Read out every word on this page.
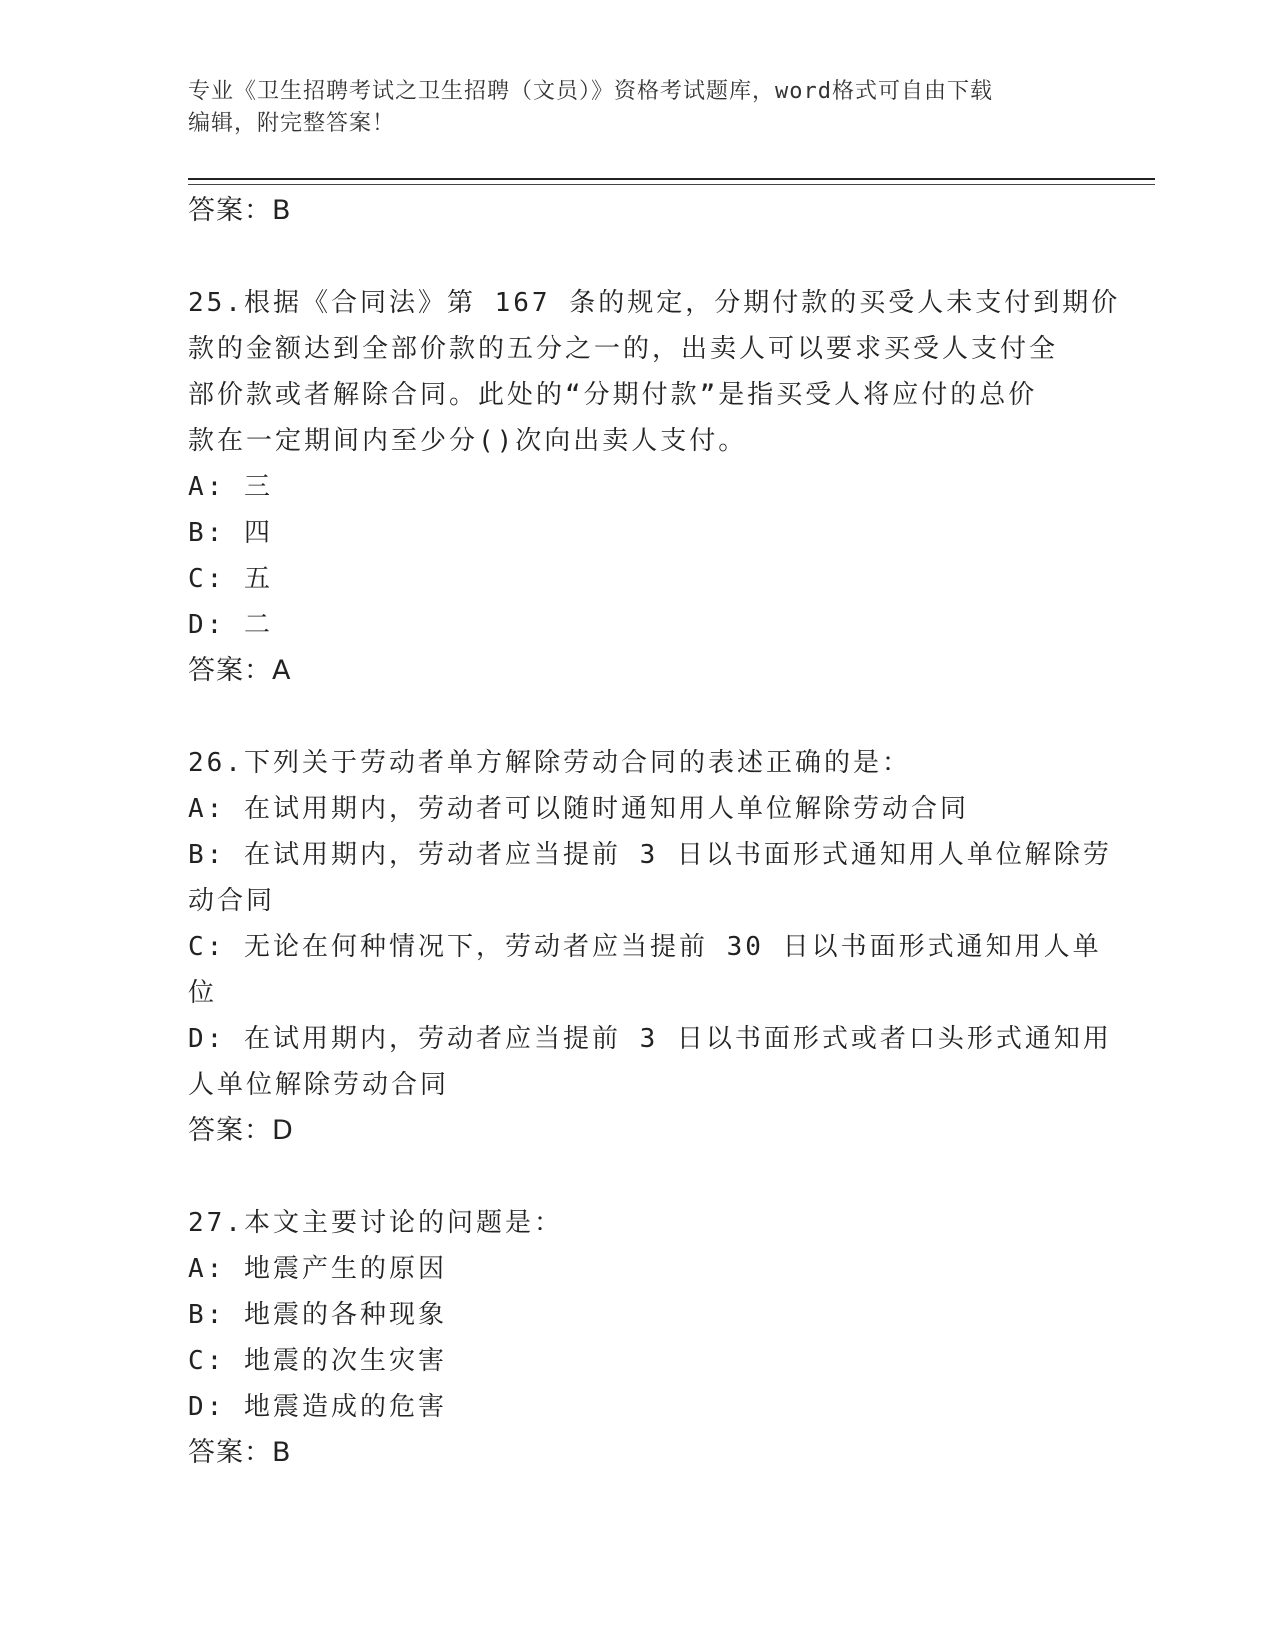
专业《卫生招聘考试之卫生招聘（文员）》资格考试题库，word格式可自由下载
编辑，附完整答案！
答案：B
25.根据《合同法》第 167 条的规定，分期付款的买受人未支付到期价
款的金额达到全部价款的五分之一的，出卖人可以要求买受人支付全
部价款或者解除合同。此处的“分期付款”是指买受人将应付的总价
款在一定期间内至少分()次向出卖人支付。
A: 三
B: 四
C: 五
D: 二
答案：A
26.下列关于劳动者单方解除劳动合同的表述正确的是：
A: 在试用期内，劳动者可以随时通知用人单位解除劳动合同
B: 在试用期内，劳动者应当提前 3 日以书面形式通知用人单位解除劳
动合同
C: 无论在何种情况下，劳动者应当提前 30 日以书面形式通知用人单
位
D: 在试用期内，劳动者应当提前 3 日以书面形式或者口头形式通知用
人单位解除劳动合同
答案：D
27.本文主要讨论的问题是：
A: 地震产生的原因
B: 地震的各种现象
C: 地震的次生灾害
D: 地震造成的危害
答案：B
